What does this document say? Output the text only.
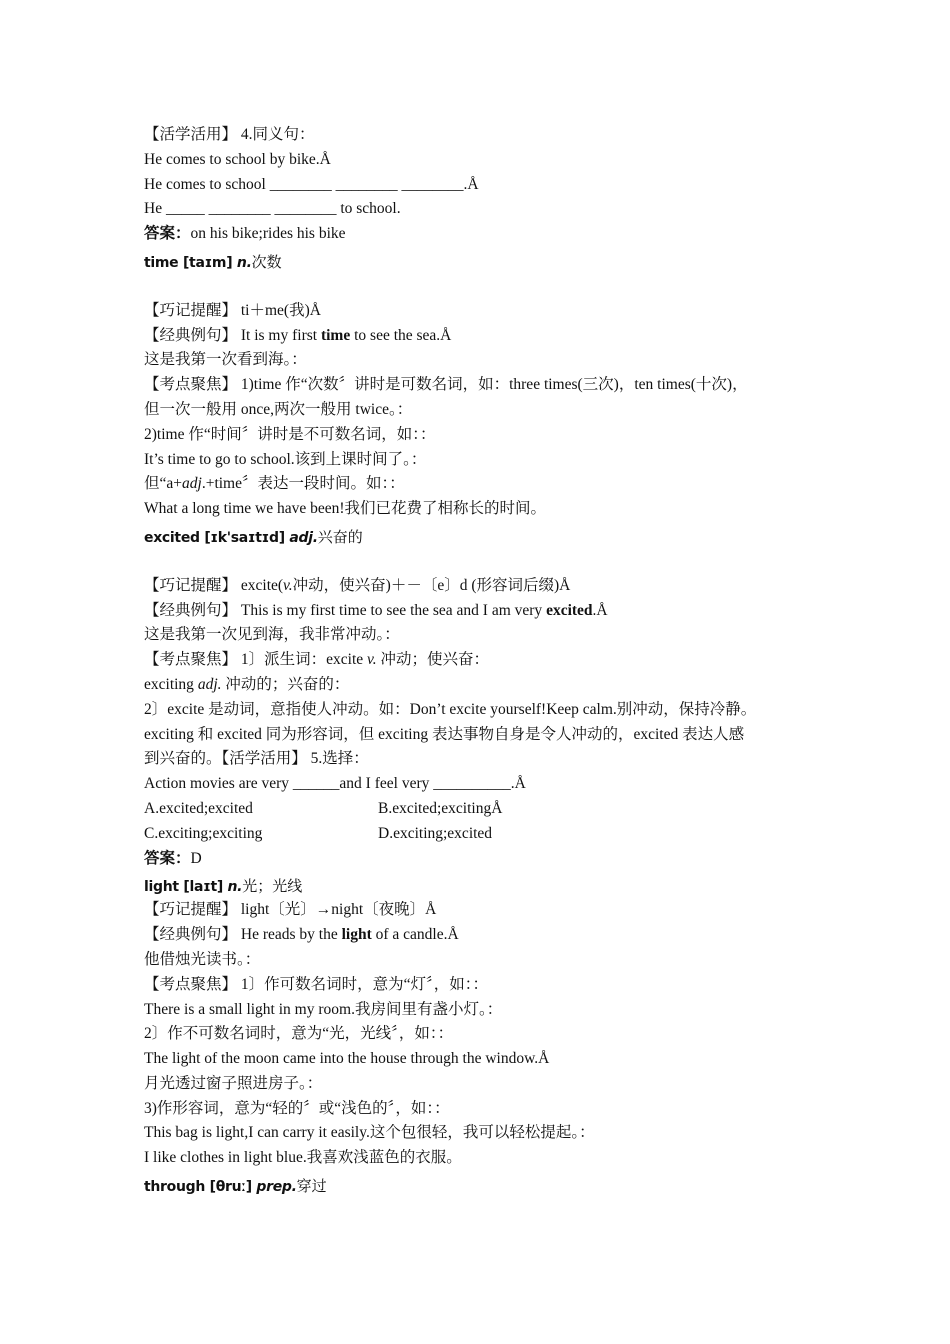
【活学活用】 4.同义句：
He comes to school by bike.Å
He comes to school ________ ________ ________.Å
He _____ ________ ________ to school.
答案：on his bike;rides his bike
time [taɪm] n.次数
【巧记提醒】 ti＋me(我)Å
【经典例句】 It is my first time to see the sea.Å
这是我第一次看到海。：
【考点聚焦】 1)time 作“次数〞讲时是可数名词，如：three times(三次)，ten times(十次)，
但一次一般用 once,两次一般用 twice。：
2)time 作“时间〞讲时是不可数名词，如：：
It’s time to go to school.该到上课时间了。：
但“a+adj.+time〞表达一段时间。如：：
What a long time we have been!我们已花费了相称长的时间。
excited [ɪk'saɪtɪd] adj.兴奋的
【巧记提醒】 excite(v.冲动，使兴奋)＋－〔e〕d (形容词后缀)Å
【经典例句】 This is my first time to see the sea and I am very excited.Å
这是我第一次见到海，我非常冲动。：
【考点聚焦】 1〕派生词：excite v. 冲动；使兴奋：
exciting adj. 冲动的；兴奋的：
2〕excite 是动词，意指使人冲动。如：Don’t excite yourself!Keep calm.别冲动，保持冷静。
exciting 和 excited 同为形容词，但 exciting 表达事物自身是令人冲动的，excited 表达人感
到兴奋的。【活学活用】 5.选择：
Action movies are very ______and I feel very __________.Å
A.excited;excited	B.excited;excitingÅ
C.exciting;exciting	D.exciting;excited
答案：D
light [laɪt] n.光；光线
【巧记提醒】 light〔光〕→night〔夜晚〕Å
【经典例句】 He reads by the light of a candle.Å
他借烛光读书。：
【考点聚焦】 1〕作可数名词时，意为“灯〞，如：：
There is a small light in my room.我房间里有盏小灯。：
2〕作不可数名词时，意为“光，光线〞，如：：
The light of the moon came into the house through the window.Å
月光透过窗子照进房子。：
3)作形容词，意为“轻的〞或“浅色的〞，如：：
This bag is light,I can carry it easily.这个包很轻，我可以轻松提起。：
I like clothes in light blue.我喜欢浅蓝色的衣服。
through [θruː] prep.穿过
